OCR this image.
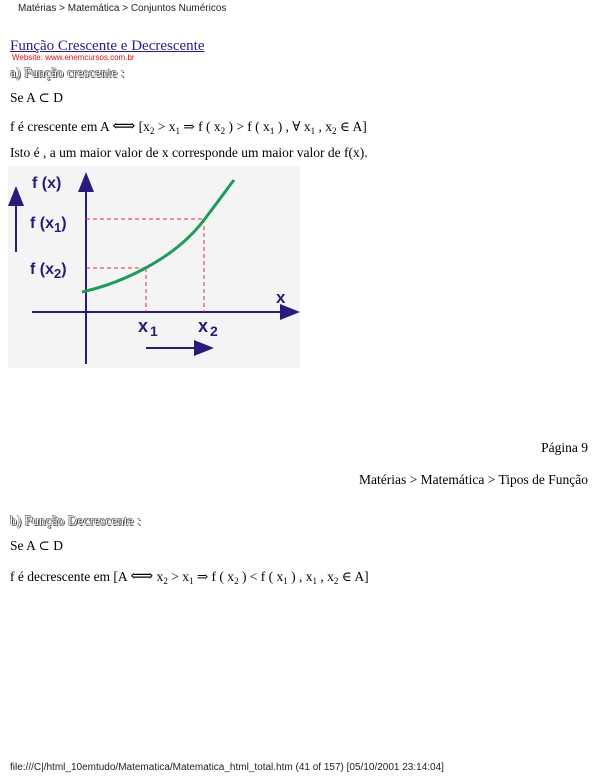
Matérias > Matemática > Conjuntos Numéricos
Função Crescente e Decrescente
Website: www.enemcursos.com.br
a) Função crescente :
Se A ⊂ D
f é crescente em A ⟺ [$x_2 > x_1$ ⇒ f ( $x_2$ ) > f ( $x_1$ ) , ∀ $x_1$ , $x_2$ ∈ A]
Isto é , a um maior valor de x corresponde um maior valor de f(x).
f (x)
f $(x_1)$
f $(x_2)$
x
x $_1$ x $_2$
Página 9
Matérias > Matemática > Tipos de Função
b) Função Decrescente :
Se A ⊂ D
f é decrescente em [A ⟺ $x_2 > x_1$ ⇒ f ( $x_2$ ) < f ( $x_1$ ) , $x_1$ , $x_2$ ∈ A]
file:///C|/html_10emtudo/Matematica/Matematica_html_total.htm (41 of 157) [05/10/2001 23:14:04]
